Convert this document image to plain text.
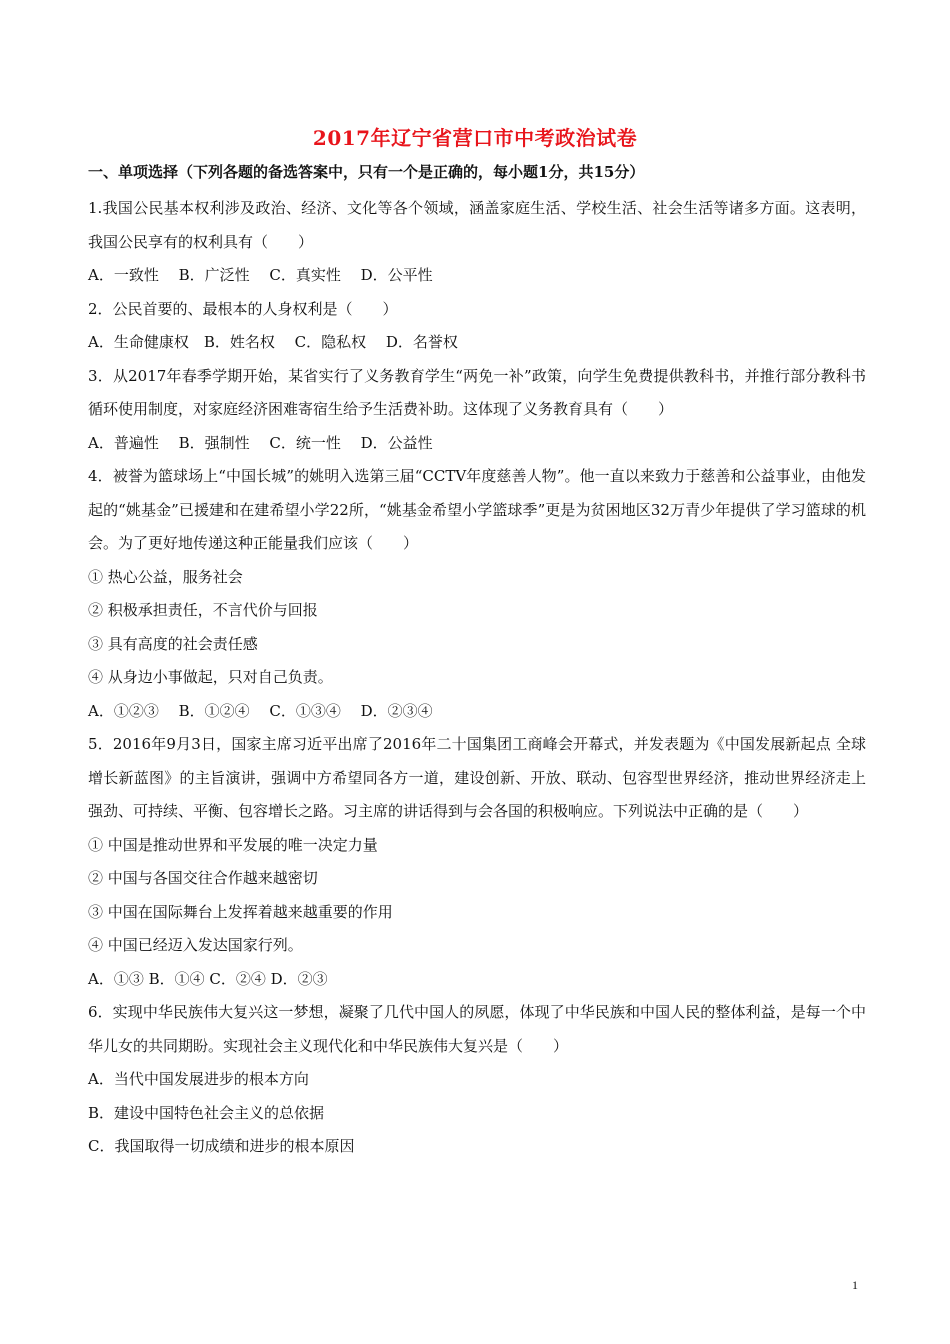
2017年辽宁省营口市中考政治试卷
一、单项选择（下列各题的备选答案中，只有一个是正确的，每小题1分，共15分）

1.我国公民基本权利涉及政治、经济、文化等各个领域，涵盖家庭生活、学校生活、社会生活等诸多方面。这表明，我国公民享有的权利具有（　　）

A．一致性　 B．广泛性　 C．真实性　 D．公平性

2．公民首要的、最根本的人身权利是（　　）

A．生命健康权　B．姓名权　 C．隐私权　 D．名誉权

3．从2017年春季学期开始，某省实行了义务教育学生“两免一补”政策，向学生免费提供教科书，并推行部分教科书循环使用制度，对家庭经济困难寄宿生给予生活费补助。这体现了义务教育具有（　　）

A．普遍性　 B．强制性　 C．统一性　 D．公益性

4．被誉为篮球场上“中国长城”的姚明入选第三届“CCTV年度慈善人物”。他一直以来致力于慈善和公益事业，由他发起的“姚基金”已援建和在建希望小学22所，“姚基金希望小学篮球季”更是为贫困地区32万青少年提供了学习篮球的机会。为了更好地传递这种正能量我们应该（　　）

① 热心公益，服务社会

② 积极承担责任，不言代价与回报

③ 具有高度的社会责任感

④ 从身边小事做起，只对自己负责。

A．①②③　 B．①②④　 C．①③④　 D．②③④

5．2016年9月3日，国家主席习近平出席了2016年二十国集团工商峰会开幕式，并发表题为《中国发展新起点 全球增长新蓝图》的主旨演讲，强调中方希望同各方一道，建设创新、开放、联动、包容型世界经济，推动世界经济走上强劲、可持续、平衡、包容增长之路。习主席的讲话得到与会各国的积极响应。下列说法中正确的是（　　）

① 中国是推动世界和平发展的唯一决定力量

② 中国与各国交往合作越来越密切

③ 中国在国际舞台上发挥着越来越重要的作用

④ 中国已经迈入发达国家行列。

A．①③ B．①④ C．②④ D．②③

6．实现中华民族伟大复兴这一梦想，凝聚了几代中国人的夙愿，体现了中华民族和中国人民的整体利益，是每一个中华儿女的共同期盼。实现社会主义现代化和中华民族伟大复兴是（　　）

A．当代中国发展进步的根本方向

B．建设中国特色社会主义的总依据

C．我国取得一切成绩和进步的根本原因

1
